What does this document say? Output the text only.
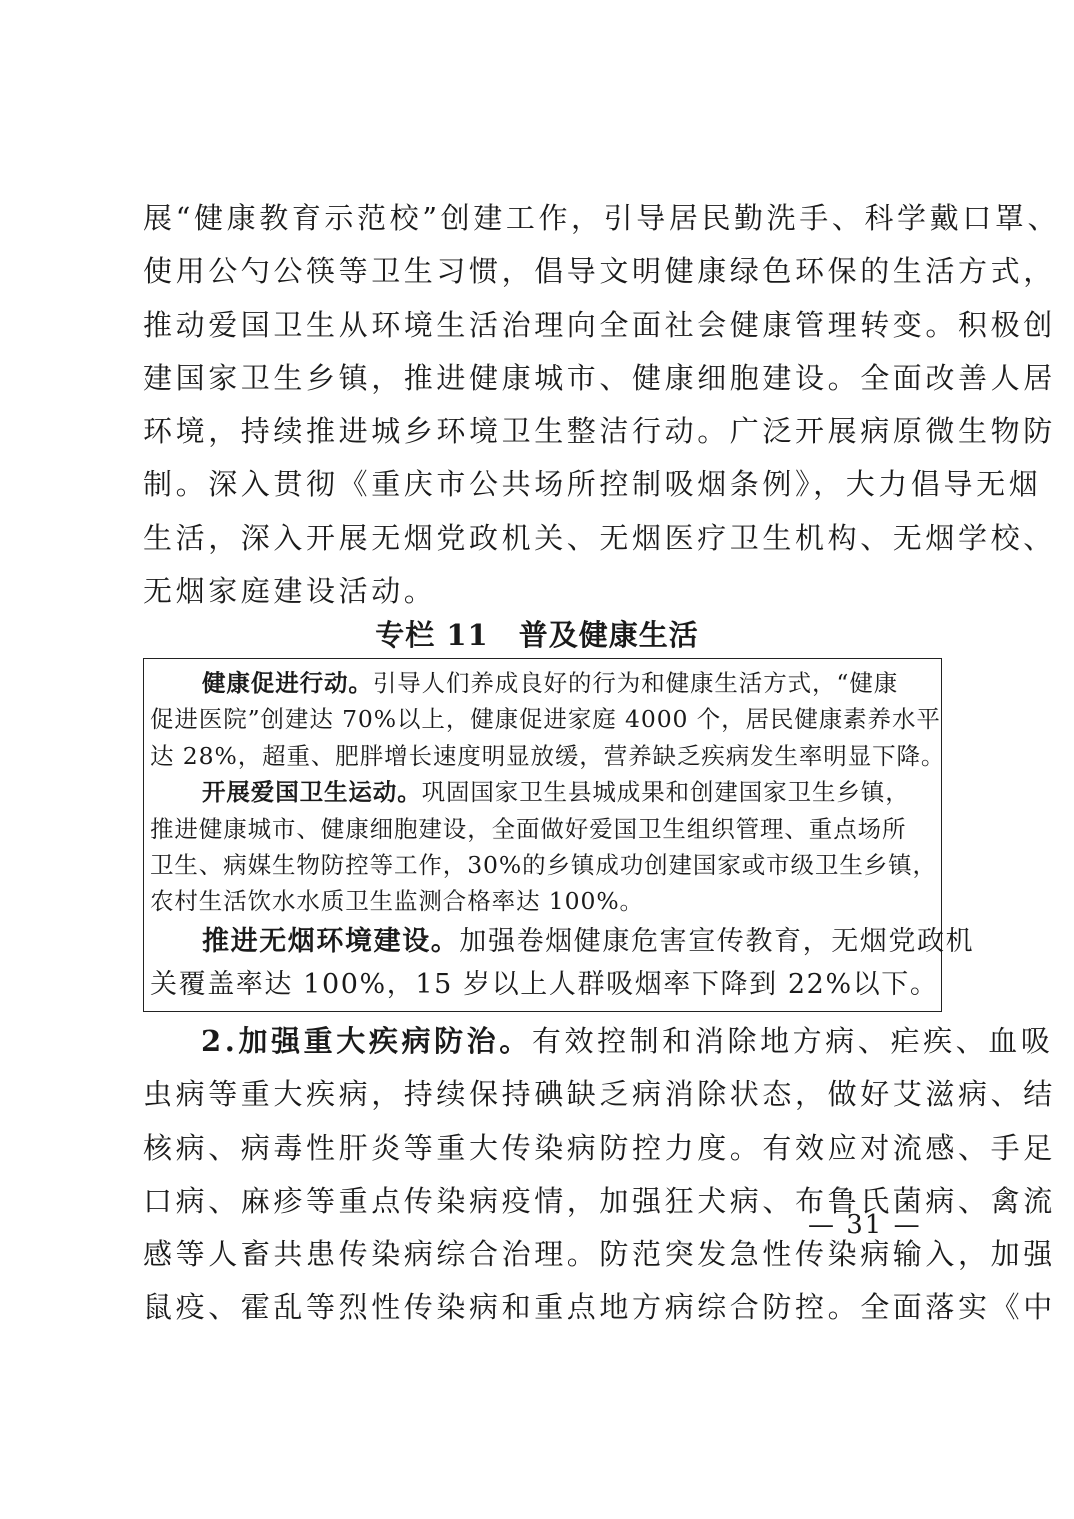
展“健康教育示范校”创建工作，引导居民勤洗手、科学戴口罩、
使用公勺公筷等卫生习惯，倡导文明健康绿色环保的生活方式，
推动爱国卫生从环境生活治理向全面社会健康管理转变。积极创
建国家卫生乡镇，推进健康城市、健康细胞建设。全面改善人居
环境，持续推进城乡环境卫生整洁行动。广泛开展病原微生物防
制。深入贯彻《重庆市公共场所控制吸烟条例》，大力倡导无烟
生活，深入开展无烟党政机关、无烟医疗卫生机构、无烟学校、
无烟家庭建设活动。
专栏 11　普及健康生活
健康促进行动。引导人们养成良好的行为和健康生活方式，“健康
促进医院”创建达 70%以上，健康促进家庭 4000 个，居民健康素养水平
达 28%，超重、肥胖增长速度明显放缓，营养缺乏疾病发生率明显下降。
开展爱国卫生运动。巩固国家卫生县城成果和创建国家卫生乡镇，
推进健康城市、健康细胞建设，全面做好爱国卫生组织管理、重点场所
卫生、病媒生物防控等工作，30%的乡镇成功创建国家或市级卫生乡镇，
农村生活饮水水质卫生监测合格率达 100%。
推进无烟环境建设。加强卷烟健康危害宣传教育，无烟党政机
关覆盖率达 100%，15 岁以上人群吸烟率下降到 22%以下。
2.加强重大疾病防治。有效控制和消除地方病、疟疾、血吸
虫病等重大疾病，持续保持碘缺乏病消除状态，做好艾滋病、结
核病、病毒性肝炎等重大传染病防控力度。有效应对流感、手足
口病、麻疹等重点传染病疫情，加强狂犬病、布鲁氏菌病、禽流
感等人畜共患传染病综合治理。防范突发急性传染病输入，加强
鼠疫、霍乱等烈性传染病和重点地方病综合防控。全面落实《中
— 31 —
